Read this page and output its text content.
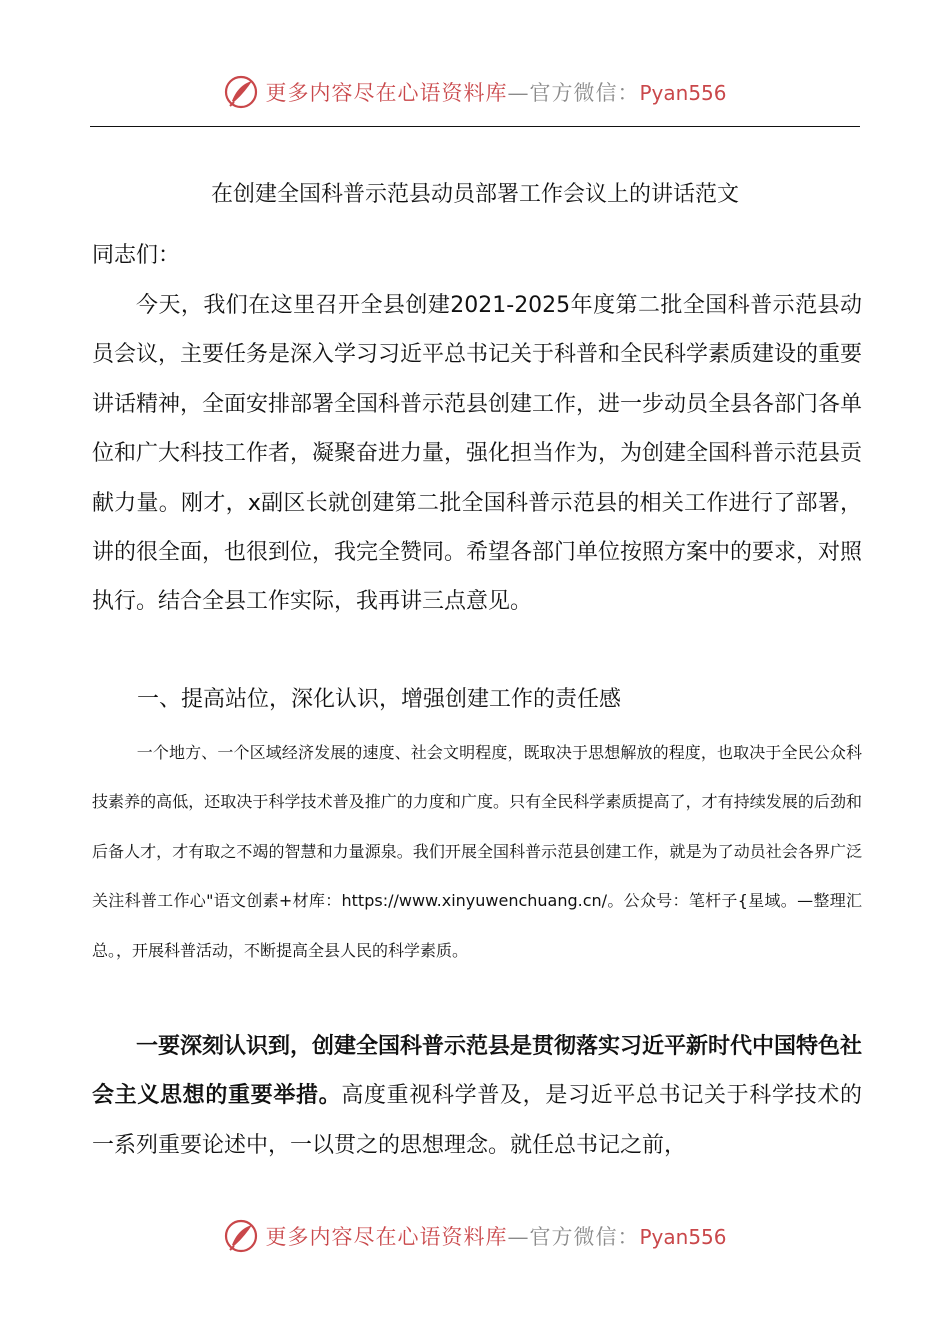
更多内容尽在心语资料库—官方微信：Pyan556
在创建全国科普示范县动员部署工作会议上的讲话范文
同志们：

今天，我们在这里召开全县创建2021-2025年度第二批全国科普示范县动员会议，主要任务是深入学习习近平总书记关于科普和全民科学素质建设的重要讲话精神，全面安排部署全国科普示范县创建工作，进一步动员全县各部门各单位和广大科技工作者，凝聚奋进力量，强化担当作为，为创建全国科普示范县贡献力量。刚才，x副区长就创建第二批全国科普示范县的相关工作进行了部署，讲的很全面，也很到位，我完全赞同。希望各部门单位按照方案中的要求，对照执行。结合全县工作实际，我再讲三点意见。

一、提高站位，深化认识，增强创建工作的责任感

一个地方、一个区域经济发展的速度、社会文明程度，既取决于思想解放的程度，也取决于全民公众科技素养的高低，还取决于科学技术普及推广的力度和广度。只有全民科学素质提高了，才有持续发展的后劲和后备人才，才有取之不竭的智慧和力量源泉。我们开展全国科普示范县创建工作，就是为了动员社会各界广泛关注科普工作心"语文创素+材库：https://www.xinyuwenchuang.cn/。公众号：笔杆子{星域。—整理汇总。，开展科普活动，不断提高全县人民的科学素质。

一要深刻认识到，创建全国科普示范县是贯彻落实习近平新时代中国特色社会主义思想的重要举措。高度重视科学普及，是习近平总书记关于科学技术的一系列重要论述中，一以贯之的思想理念。就任总书记之前，

更多内容尽在心语资料库—官方微信：Pyan556
